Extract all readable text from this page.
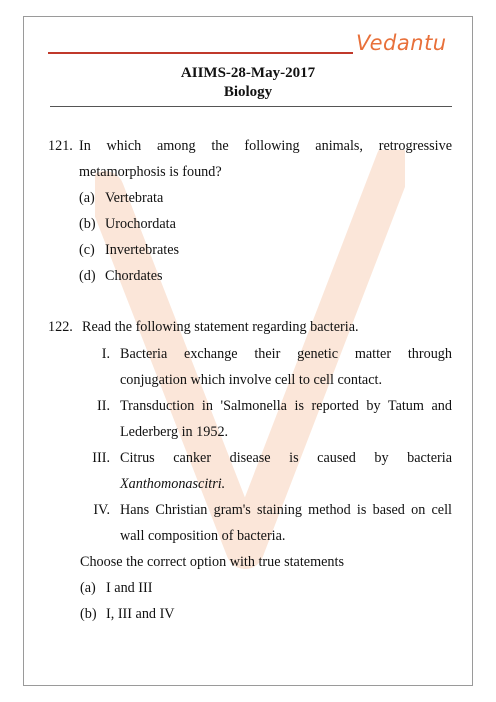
Vedantu
AIIMS-28-May-2017
Biology
121. In which among the following animals, retrogressive
metamorphosis is found?
(a) Vertebrata
(b) Urochordata
(c) Invertebrates
(d) Chordates
122. Read the following statement regarding bacteria.
I. Bacteria exchange their genetic matter through
conjugation which involve cell to cell contact.
II. Transduction in 'Salmonella is reported by Tatum and
Lederberg in 1952.
III. Citrus canker disease is caused by bacteria
Xanthomonascitri.
IV. Hans Christian gram's staining method is based on cell
wall composition of bacteria.
Choose the correct option with true statements
(a) I and III
(b) I, III and IV
